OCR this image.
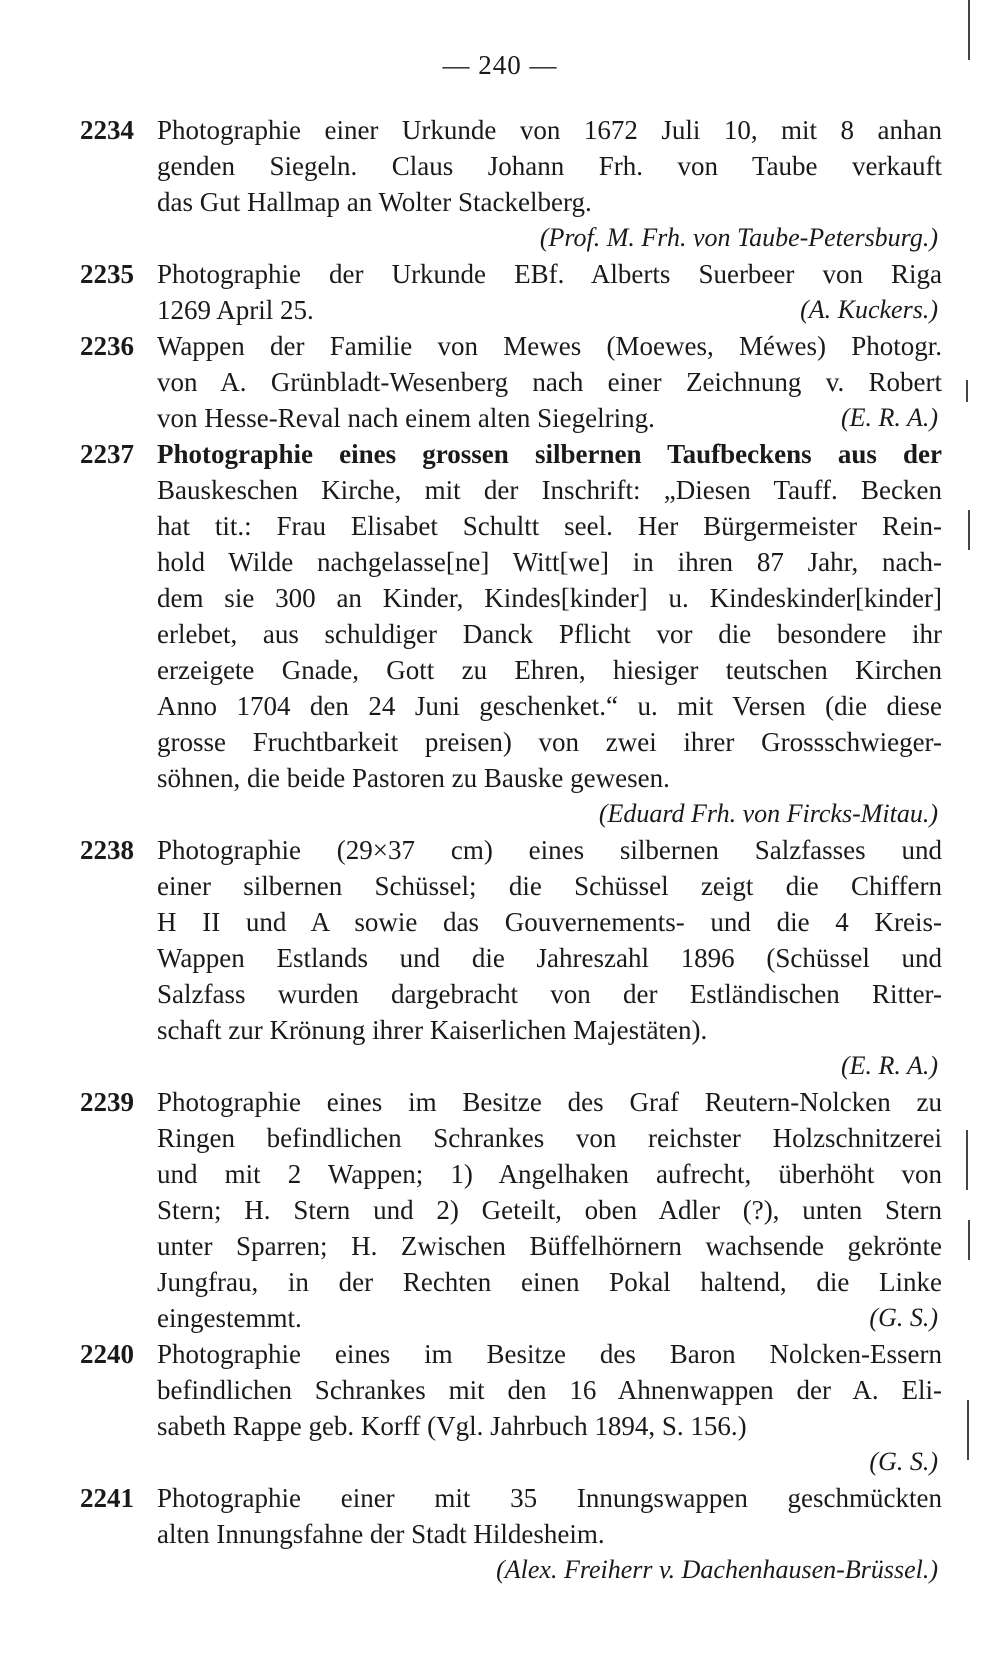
— 240 —
2234 Photographie einer Urkunde von 1672 Juli 10, mit 8 anhan
genden Siegeln. Claus Johann Frh. von Taube verkauft
das Gut Hallmap an Wolter Stackelberg.
(Prof. M. Frh. von Taube-Petersburg.)
2235 Photographie der Urkunde EBf. Alberts Suerbeer von Riga
1269 April 25.	(A. Kuckers.)
2236 Wappen der Familie von Mewes (Moewes, Méwes) Photogr.
von A. Grünbladt-Wesenberg nach einer Zeichnung v. Robert
von Hesse-Reval nach einem alten Siegelring.	(E. R. A.)
2237 Photographie eines grossen silbernen Taufbeckens aus der
Bauskeschen Kirche, mit der Inschrift: „Diesen Tauff. Becken
hat tit.: Frau Elisabet Schultt seel. Her Bürgermeister Rein-
hold Wilde nachgelasse[ne] Witt[we] in ihren 87 Jahr, nach-
dem sie 300 an Kinder, Kindes[kinder] u. Kindeskinder[kinder]
erlebet, aus schuldiger Danck Pflicht vor die besondere ihr
erzeigete Gnade, Gott zu Ehren, hiesiger teutschen Kirchen
Anno 1704 den 24 Juni geschenket.“ u. mit Versen (die diese
grosse Fruchtbarkeit preisen) von zwei ihrer Grossschwieger-
söhnen, die beide Pastoren zu Bauske gewesen.
(Eduard Frh. von Fircks-Mitau.)
2238 Photographie (29×37 cm) eines silbernen Salzfasses und
einer silbernen Schüssel; die Schüssel zeigt die Chiffern
H II und A sowie das Gouvernements- und die 4 Kreis-
Wappen Estlands und die Jahreszahl 1896 (Schüssel und
Salzfass wurden dargebracht von der Estländischen Ritter-
schaft zur Krönung ihrer Kaiserlichen Majestäten).
(E. R. A.)
2239 Photographie eines im Besitze des Graf Reutern-Nolcken zu
Ringen befindlichen Schrankes von reichster Holzschnitzerei
und mit 2 Wappen; 1) Angelhaken aufrecht, überhöht von
Stern; H. Stern und 2) Geteilt, oben Adler (?), unten Stern
unter Sparren; H. Zwischen Büffelhörnern wachsende gekrönte
Jungfrau, in der Rechten einen Pokal haltend, die Linke
eingestemmt.	(G. S.)
2240 Photographie eines im Besitze des Baron Nolcken-Essern
befindlichen Schrankes mit den 16 Ahnenwappen der A. Eli-
sabeth Rappe geb. Korff (Vgl. Jahrbuch 1894, S. 156.)
(G. S.)
2241 Photographie einer mit 35 Innungswappen geschmückten
alten Innungsfahne der Stadt Hildesheim.
(Alex. Freiherr v. Dachenhausen-Brüssel.)
